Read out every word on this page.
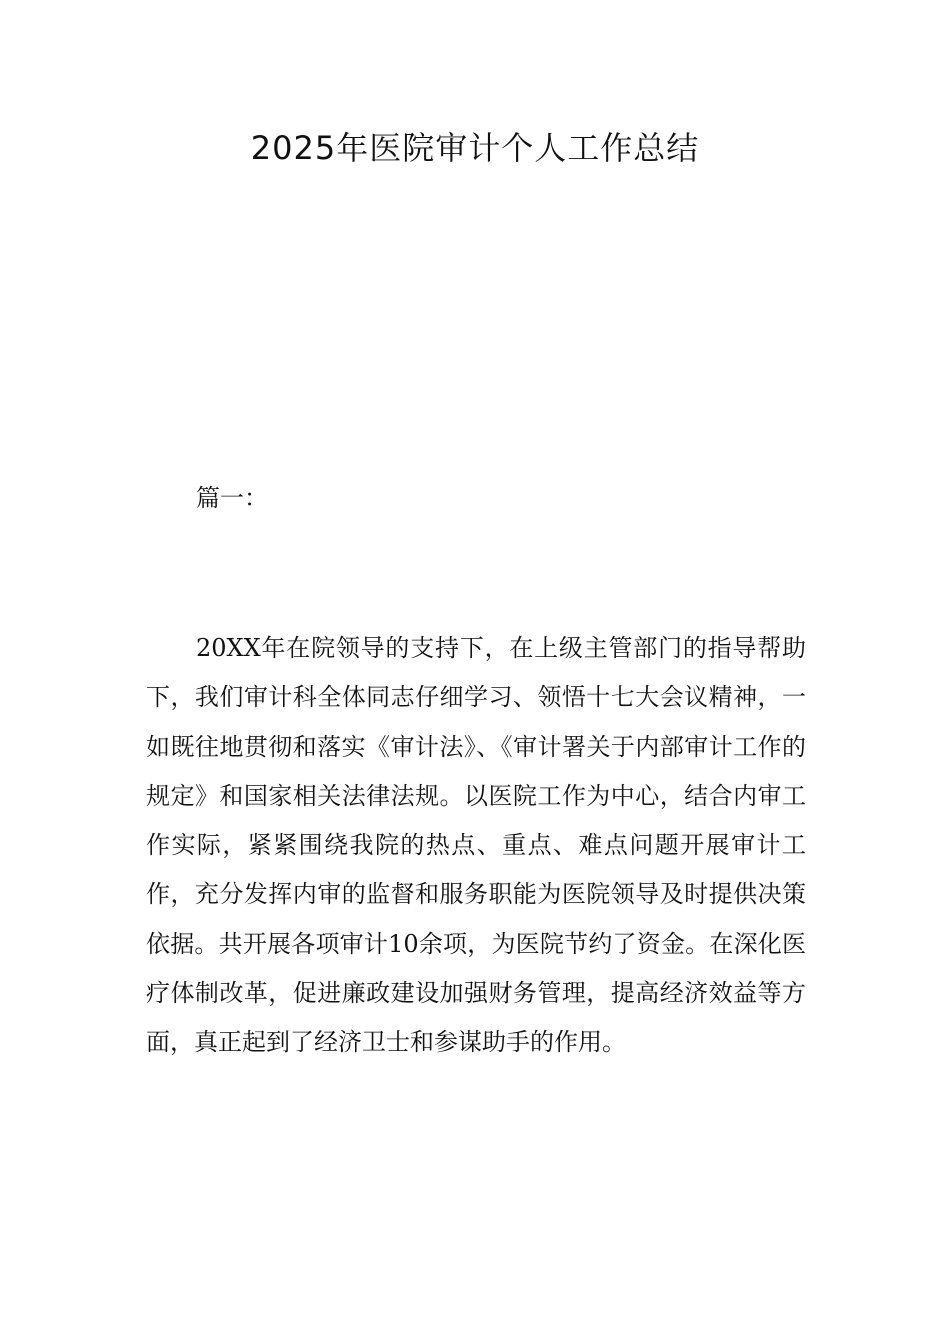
2025年医院审计个人工作总结

篇一：

20XX年在院领导的支持下，在上级主管部门的指导帮助下，我们审计科全体同志仔细学习、领悟十七大会议精神，一如既往地贯彻和落实《审计法》、《审计署关于内部审计工作的规定》和国家相关法律法规。以医院工作为中心，结合内审工作实际，紧紧围绕我院的热点、重点、难点问题开展审计工作，充分发挥内审的监督和服务职能为医院领导及时提供决策依据。共开展各项审计10余项，为医院节约了资金。在深化医疗体制改革，促进廉政建设加强财务管理，提高经济效益等方面，真正起到了经济卫士和参谋助手的作用。
